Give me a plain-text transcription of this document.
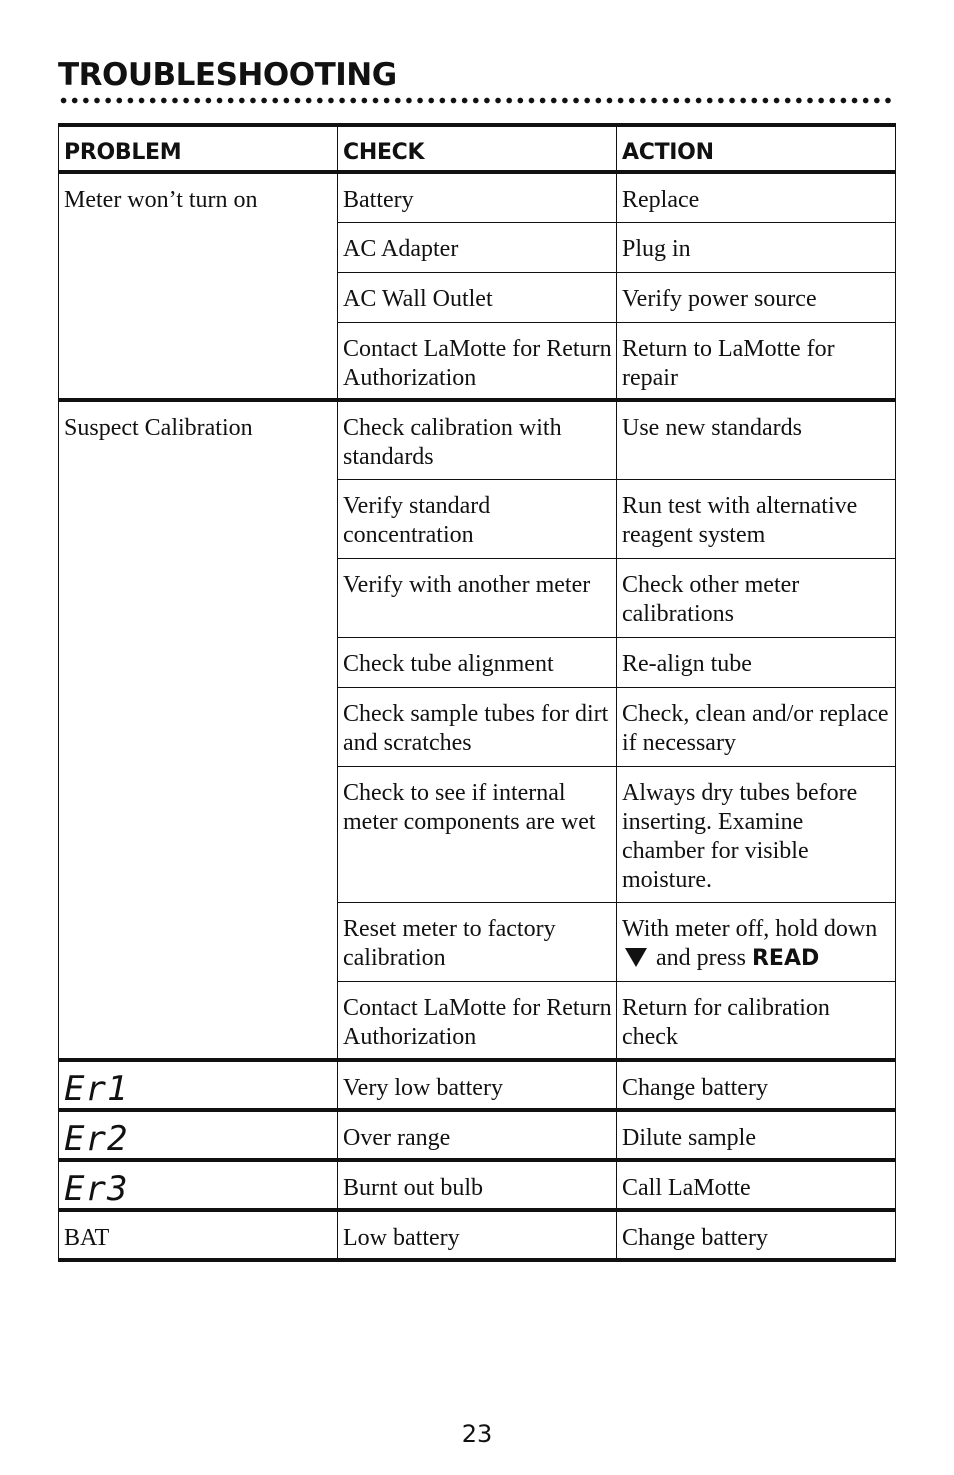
TROUBLESHOOTING
PROBLEM	CHECK	ACTION
Meter won’t turn on	Battery	Replace
	AC Adapter	Plug in
	AC Wall Outlet	Verify power source
	Contact LaMotte for Return Authorization	Return to LaMotte for repair
Suspect Calibration	Check calibration with standards	Use new standards
	Verify standard concentration	Run test with alternative reagent system
	Verify with another meter	Check other meter calibrations
	Check tube alignment	Re-align tube
	Check sample tubes for dirt and scratches	Check, clean and/or replace if necessary
	Check to see if internal meter components are wet	Always dry tubes before inserting. Examine chamber for visible moisture.
	Reset meter to factory calibration	With meter off, hold down  and press READ
	Contact LaMotte for Return Authorization	Return for calibration check
Er1	Very low battery	Change battery
Er2	Over range	Dilute sample
Er3	Burnt out bulb	Call LaMotte
BAT	Low battery	Change battery
23
